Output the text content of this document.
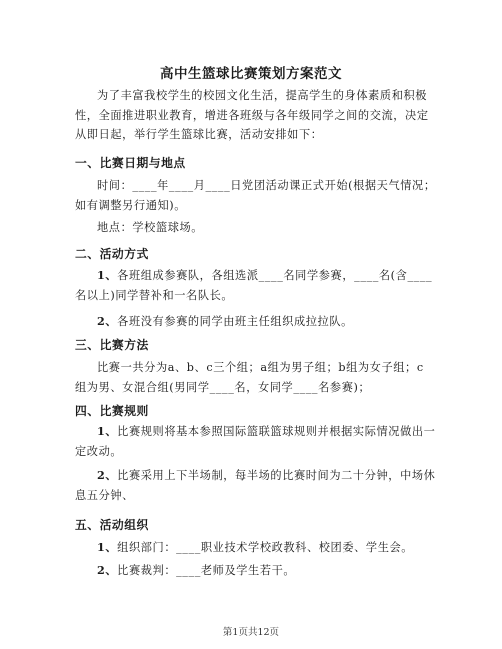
高中生篮球比赛策划方案范文
为了丰富我校学生的校园文化生活，提高学生的身体素质和积极
性，全面推进职业教育，增进各班级与各年级同学之间的交流，决定
从即日起，举行学生篮球比赛，活动安排如下：
一、比赛日期与地点
时间：____年____月____日党团活动课正式开始(根据天气情况；
如有调整另行通知)。
地点：学校篮球场。
二、活动方式
1、各班组成参赛队，各组选派____名同学参赛，____名(含____
名以上)同学替补和一名队长。
2、各班没有参赛的同学由班主任组织成拉拉队。
三、比赛方法
比赛一共分为a、b、c三个组；a组为男子组；b组为女子组；c
组为男、女混合组(男同学____名，女同学____名参赛)；
四、比赛规则
1、比赛规则将基本参照国际篮联篮球规则并根据实际情况做出一
定改动。
2、比赛采用上下半场制，每半场的比赛时间为二十分钟，中场休
息五分钟、
五、活动组织
1、组织部门：____职业技术学校政教科、校团委、学生会。
2、比赛裁判：____老师及学生若干。
第1页共12页
